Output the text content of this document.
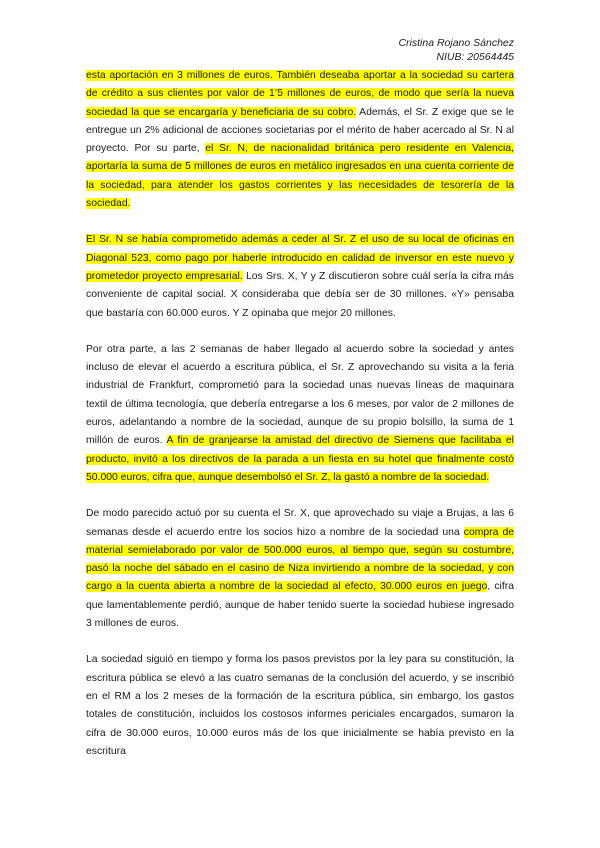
Cristina Rojano Sánchez
NIUB: 20564445

esta aportación en 3 millones de euros. También deseaba aportar a la sociedad su cartera de crédito a sus clientes por valor de 1’5 millones de euros, de modo que sería la nueva sociedad la que se encargaría y beneficiaria de su cobro. Además, el Sr. Z exige que se le entregue un 2% adicional de acciones societarias por el mérito de haber acercado al Sr. N al proyecto. Por su parte, el Sr. N, de nacionalidad británica pero residente en Valencia, aportaría la suma de 5 millones de euros en metálico ingresados en una cuenta corriente de la sociedad, para atender los gastos corrientes y las necesidades de tesorería de la sociedad.

El Sr. N se había comprometido además a ceder al Sr. Z el uso de su local de oficinas en Diagonal 523, como pago por haberle introducido en calidad de inversor en este nuevo y prometedor proyecto empresarial. Los Srs. X, Y y Z discutieron sobre cuál sería la cifra más conveniente de capital social. X consideraba que debía ser de 30 millones. «Y» pensaba que bastaría con 60.000 euros. Y Z opinaba que mejor 20 millones.

Por otra parte, a las 2 semanas de haber llegado al acuerdo sobre la sociedad y antes incluso de elevar el acuerdo a escritura pública, el Sr. Z aprovechando su visita a la feria industrial de Frankfurt, comprometió para la sociedad unas nuevas líneas de maquinara textil de última tecnología, que debería entregarse a los 6 meses, por valor de 2 millones de euros, adelantando a nombre de la sociedad, aunque de su propio bolsillo, la suma de 1 millón de euros. A fin de granjearse la amistad del directivo de Siemens que facilitaba el producto, invitó a los directivos de la parada a un fiesta en su hotel que finalmente costó 50.000 euros, cifra que, aunque desembolsó el Sr. Z, la gastó a nombre de la sociedad.

De modo parecido actuó por su cuenta el Sr. X, que aprovechado su viaje a Brujas, a las 6 semanas desde el acuerdo entre los socios hizo a nombre de la sociedad una compra de material semielaborado por valor de 500.000 euros, al tiempo que, según su costumbre, pasó la noche del sábado en el casino de Niza invirtiendo a nombre de la sociedad, y con cargo a la cuenta abierta a nombre de la sociedad al efecto, 30.000 euros en juego, cifra que lamentablemente perdió, aunque de haber tenido suerte la sociedad hubiese ingresado 3 millones de euros.

La sociedad siguió en tiempo y forma los pasos previstos por la ley para su constitución, la escritura pública se elevó a las cuatro semanas de la conclusión del acuerdo, y se inscribió en el RM a los 2 meses de la formación de la escritura pública, sin embargo, los gastos totales de constitución, incluidos los costosos informes periciales encargados, sumaron la cifra de 30.000 euros, 10.000 euros más de los que inicialmente se había previsto en la escritura
